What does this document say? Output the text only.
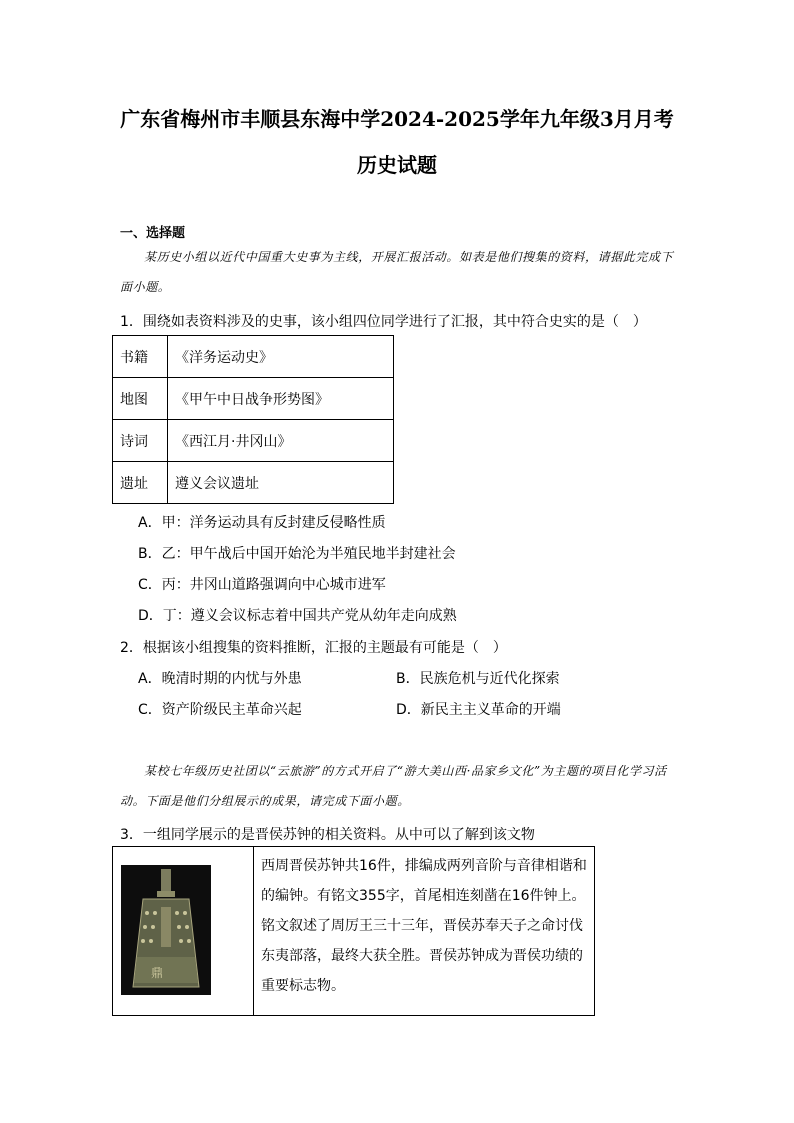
广东省梅州市丰顺县东海中学2024-2025学年九年级3月月考
历史试题
一、选择题
某历史小组以近代中国重大史事为主线，开展汇报活动。如表是他们搜集的资料，请据此完成下面小题。
1．围绕如表资料涉及的史事，该小组四位同学进行了汇报，其中符合史实的是（　）
书籍	《洋务运动史》
地图	《甲午中日战争形势图》
诗词	《西江月·井冈山》
遗址	遵义会议遗址
A．甲：洋务运动具有反封建反侵略性质
B．乙：甲午战后中国开始沦为半殖民地半封建社会
C．丙：井冈山道路强调向中心城市进军
D．丁：遵义会议标志着中国共产党从幼年走向成熟
2．根据该小组搜集的资料推断，汇报的主题最有可能是（　）
A．晚清时期的内忧与外患	B．民族危机与近代化探索
C．资产阶级民主革命兴起	D．新民主主义革命的开端
某校七年级历史社团以“云旅游”的方式开启了“游大美山西·品家乡文化”为主题的项目化学习活动。下面是他们分组展示的成果，请完成下面小题。
3．一组同学展示的是晋侯苏钟的相关资料。从中可以了解到该文物
鼎
西周晋侯苏钟共16件，排编成两列音阶与音律相谐和
的编钟。有铭文355字，首尾相连刻凿在16件钟上。
铭文叙述了周厉王三十三年，晋侯苏奉天子之命讨伐
东夷部落，最终大获全胜。晋侯苏钟成为晋侯功绩的
重要标志物。
